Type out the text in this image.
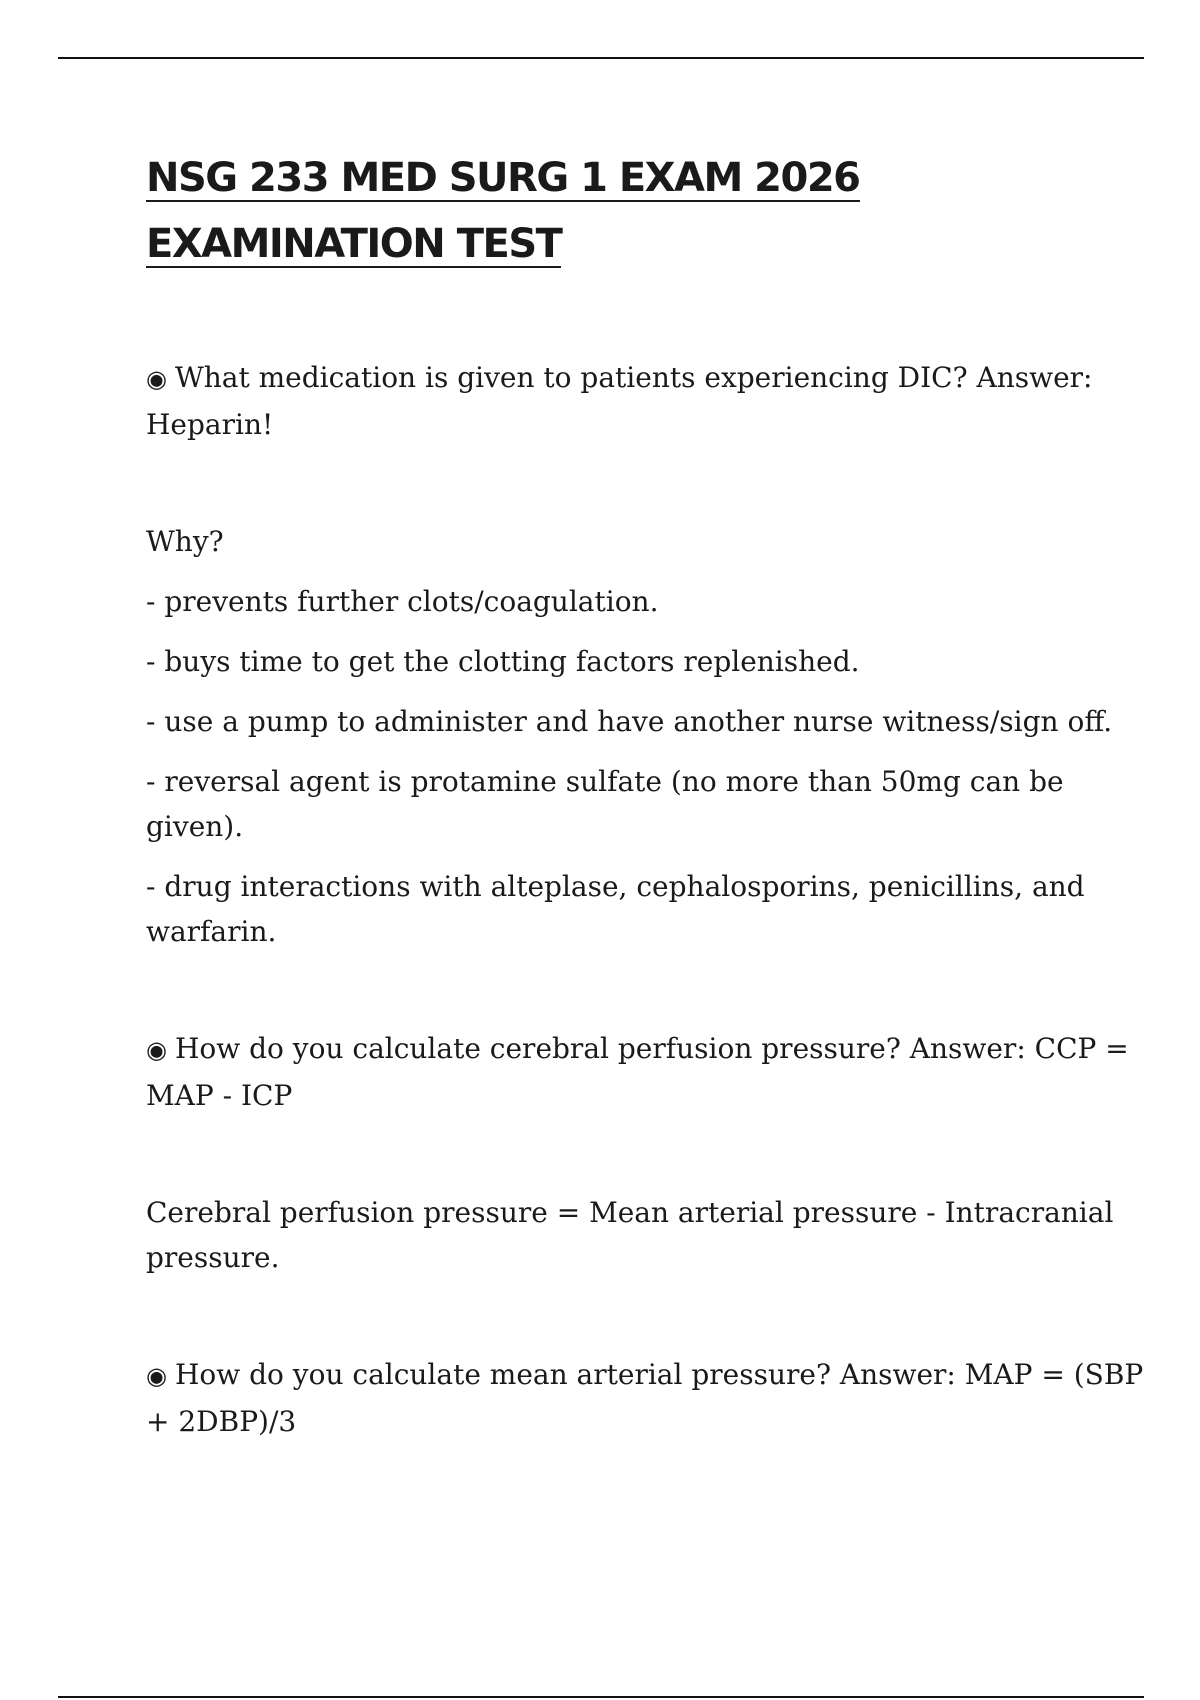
NSG 233 MED SURG 1 EXAM 2026
EXAMINATION TEST

◉ What medication is given to patients experiencing DIC? Answer: Heparin!

Why?

- prevents further clots/coagulation.

- buys time to get the clotting factors replenished.

- use a pump to administer and have another nurse witness/sign off.

- reversal agent is protamine sulfate (no more than 50mg can be given).

- drug interactions with alteplase, cephalosporins, penicillins, and warfarin.

◉ How do you calculate cerebral perfusion pressure? Answer: CCP = MAP - ICP

Cerebral perfusion pressure = Mean arterial pressure - Intracranial pressure.

◉ How do you calculate mean arterial pressure? Answer: MAP = (SBP + 2DBP)/3
